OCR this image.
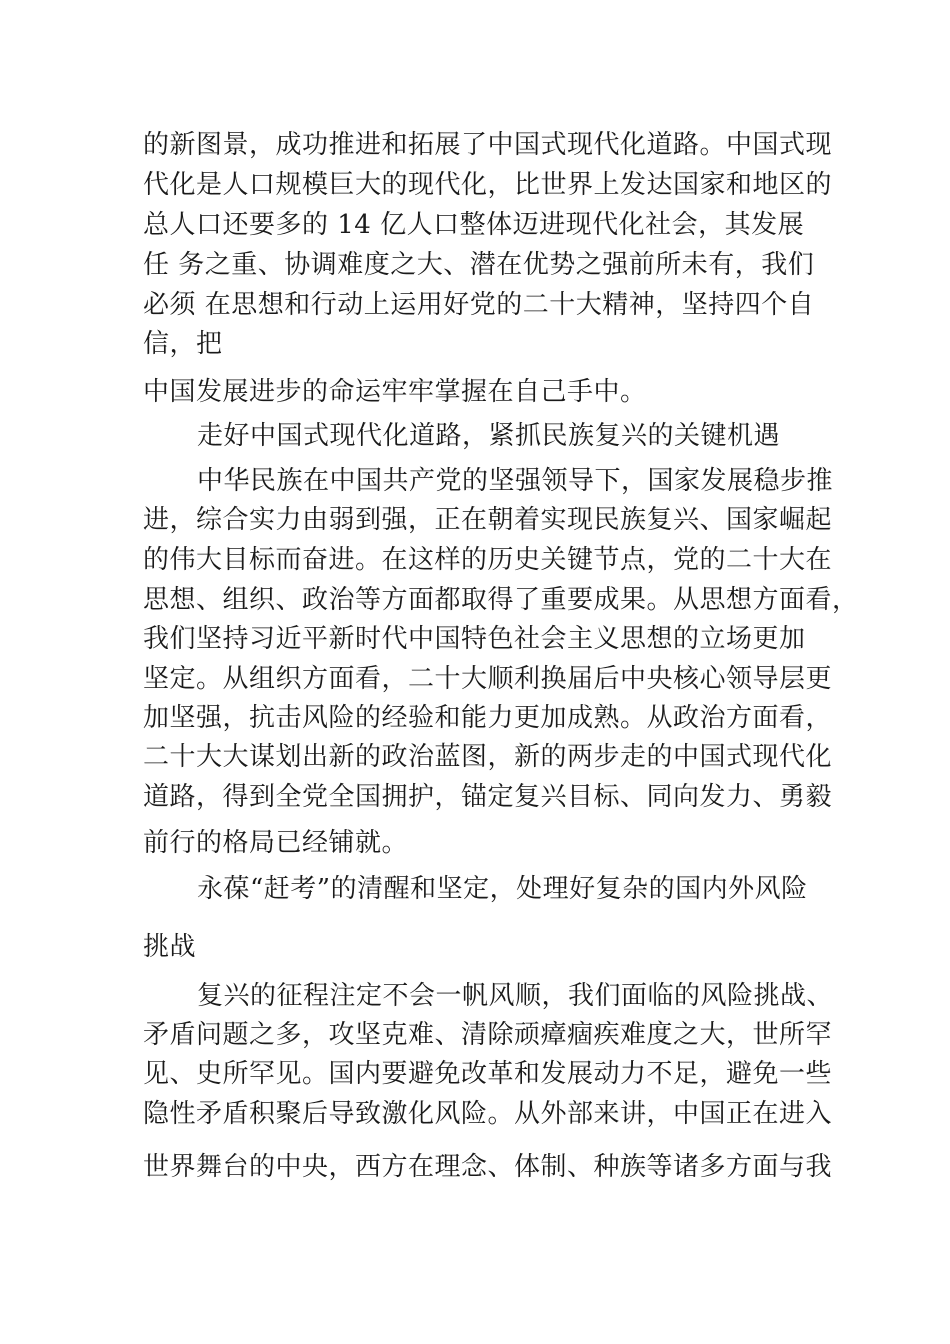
的新图景，成功推进和拓展了中国式现代化道路。中国式现
代化是人口规模巨大的现代化，比世界上发达国家和地区的
总人口还要多的 14 亿人口整体迈进现代化社会，其发展
任 务之重、协调难度之大、潜在优势之强前所未有，我们
必须 在思想和行动上运用好党的二十大精神，坚持四个自
信，把
中国发展进步的命运牢牢掌握在自己手中。
走好中国式现代化道路，紧抓民族复兴的关键机遇
中华民族在中国共产党的坚强领导下，国家发展稳步推
进，综合实力由弱到强，正在朝着实现民族复兴、国家崛起
的伟大目标而奋进。在这样的历史关键节点，党的二十大在
思想、组织、政治等方面都取得了重要成果。从思想方面看，
我们坚持习近平新时代中国特色社会主义思想的立场更加
坚定。从组织方面看，二十大顺利换届后中央核心领导层更
加坚强，抗击风险的经验和能力更加成熟。从政治方面看，
二十大大谋划出新的政治蓝图，新的两步走的中国式现代化
道路，得到全党全国拥护，锚定复兴目标、同向发力、勇毅
前行的格局已经铺就。
永葆“赶考”的清醒和坚定，处理好复杂的国内外风险
挑战
复兴的征程注定不会一帆风顺，我们面临的风险挑战、
矛盾问题之多，攻坚克难、清除顽瘴痼疾难度之大，世所罕
见、史所罕见。国内要避免改革和发展动力不足，避免一些
隐性矛盾积聚后导致激化风险。从外部来讲，中国正在进入
世界舞台的中央，西方在理念、体制、种族等诸多方面与我
